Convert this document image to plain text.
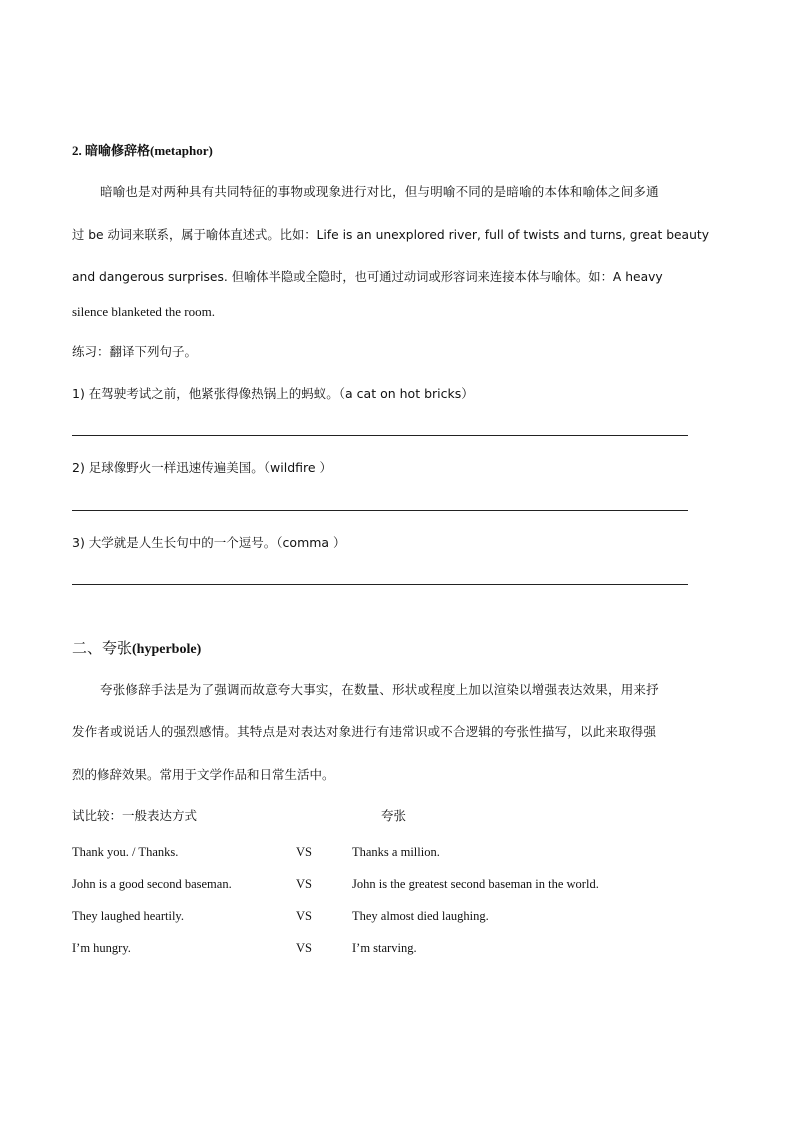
2. 暗喻修辞格(metaphor)
暗喻也是对两种具有共同特征的事物或现象进行对比，但与明喻不同的是暗喻的本体和喻体之间多通
过 be 动词来联系，属于喻体直述式。比如：Life is an unexplored river, full of twists and turns, great beauty
and dangerous surprises. 但喻体半隐或全隐时，也可通过动词或形容词来连接本体与喻体。如：A heavy
silence blanketed the room.
练习：翻译下列句子。
1) 在驾驶考试之前，他紧张得像热锅上的蚂蚁。（a cat on hot bricks）
2) 足球像野火一样迅速传遍美国。（wildfire ）
3) 大学就是人生长句中的一个逗号。（comma ）
二、夸张(hyperbole)
夸张修辞手法是为了强调而故意夸大事实，在数量、形状或程度上加以渲染以增强表达效果，用来抒
发作者或说话人的强烈感情。其特点是对表达对象进行有违常识或不合逻辑的夸张性描写，以此来取得强
烈的修辞效果。常用于文学作品和日常生活中。
试比较：一般表达方式	夸张
Thank you. / Thanks.	VS	Thanks a million.
John is a good second baseman.	VS	John is the greatest second baseman in the world.
They laughed heartily.	VS	They almost died laughing.
I’m hungry.	VS	I’m starving.
